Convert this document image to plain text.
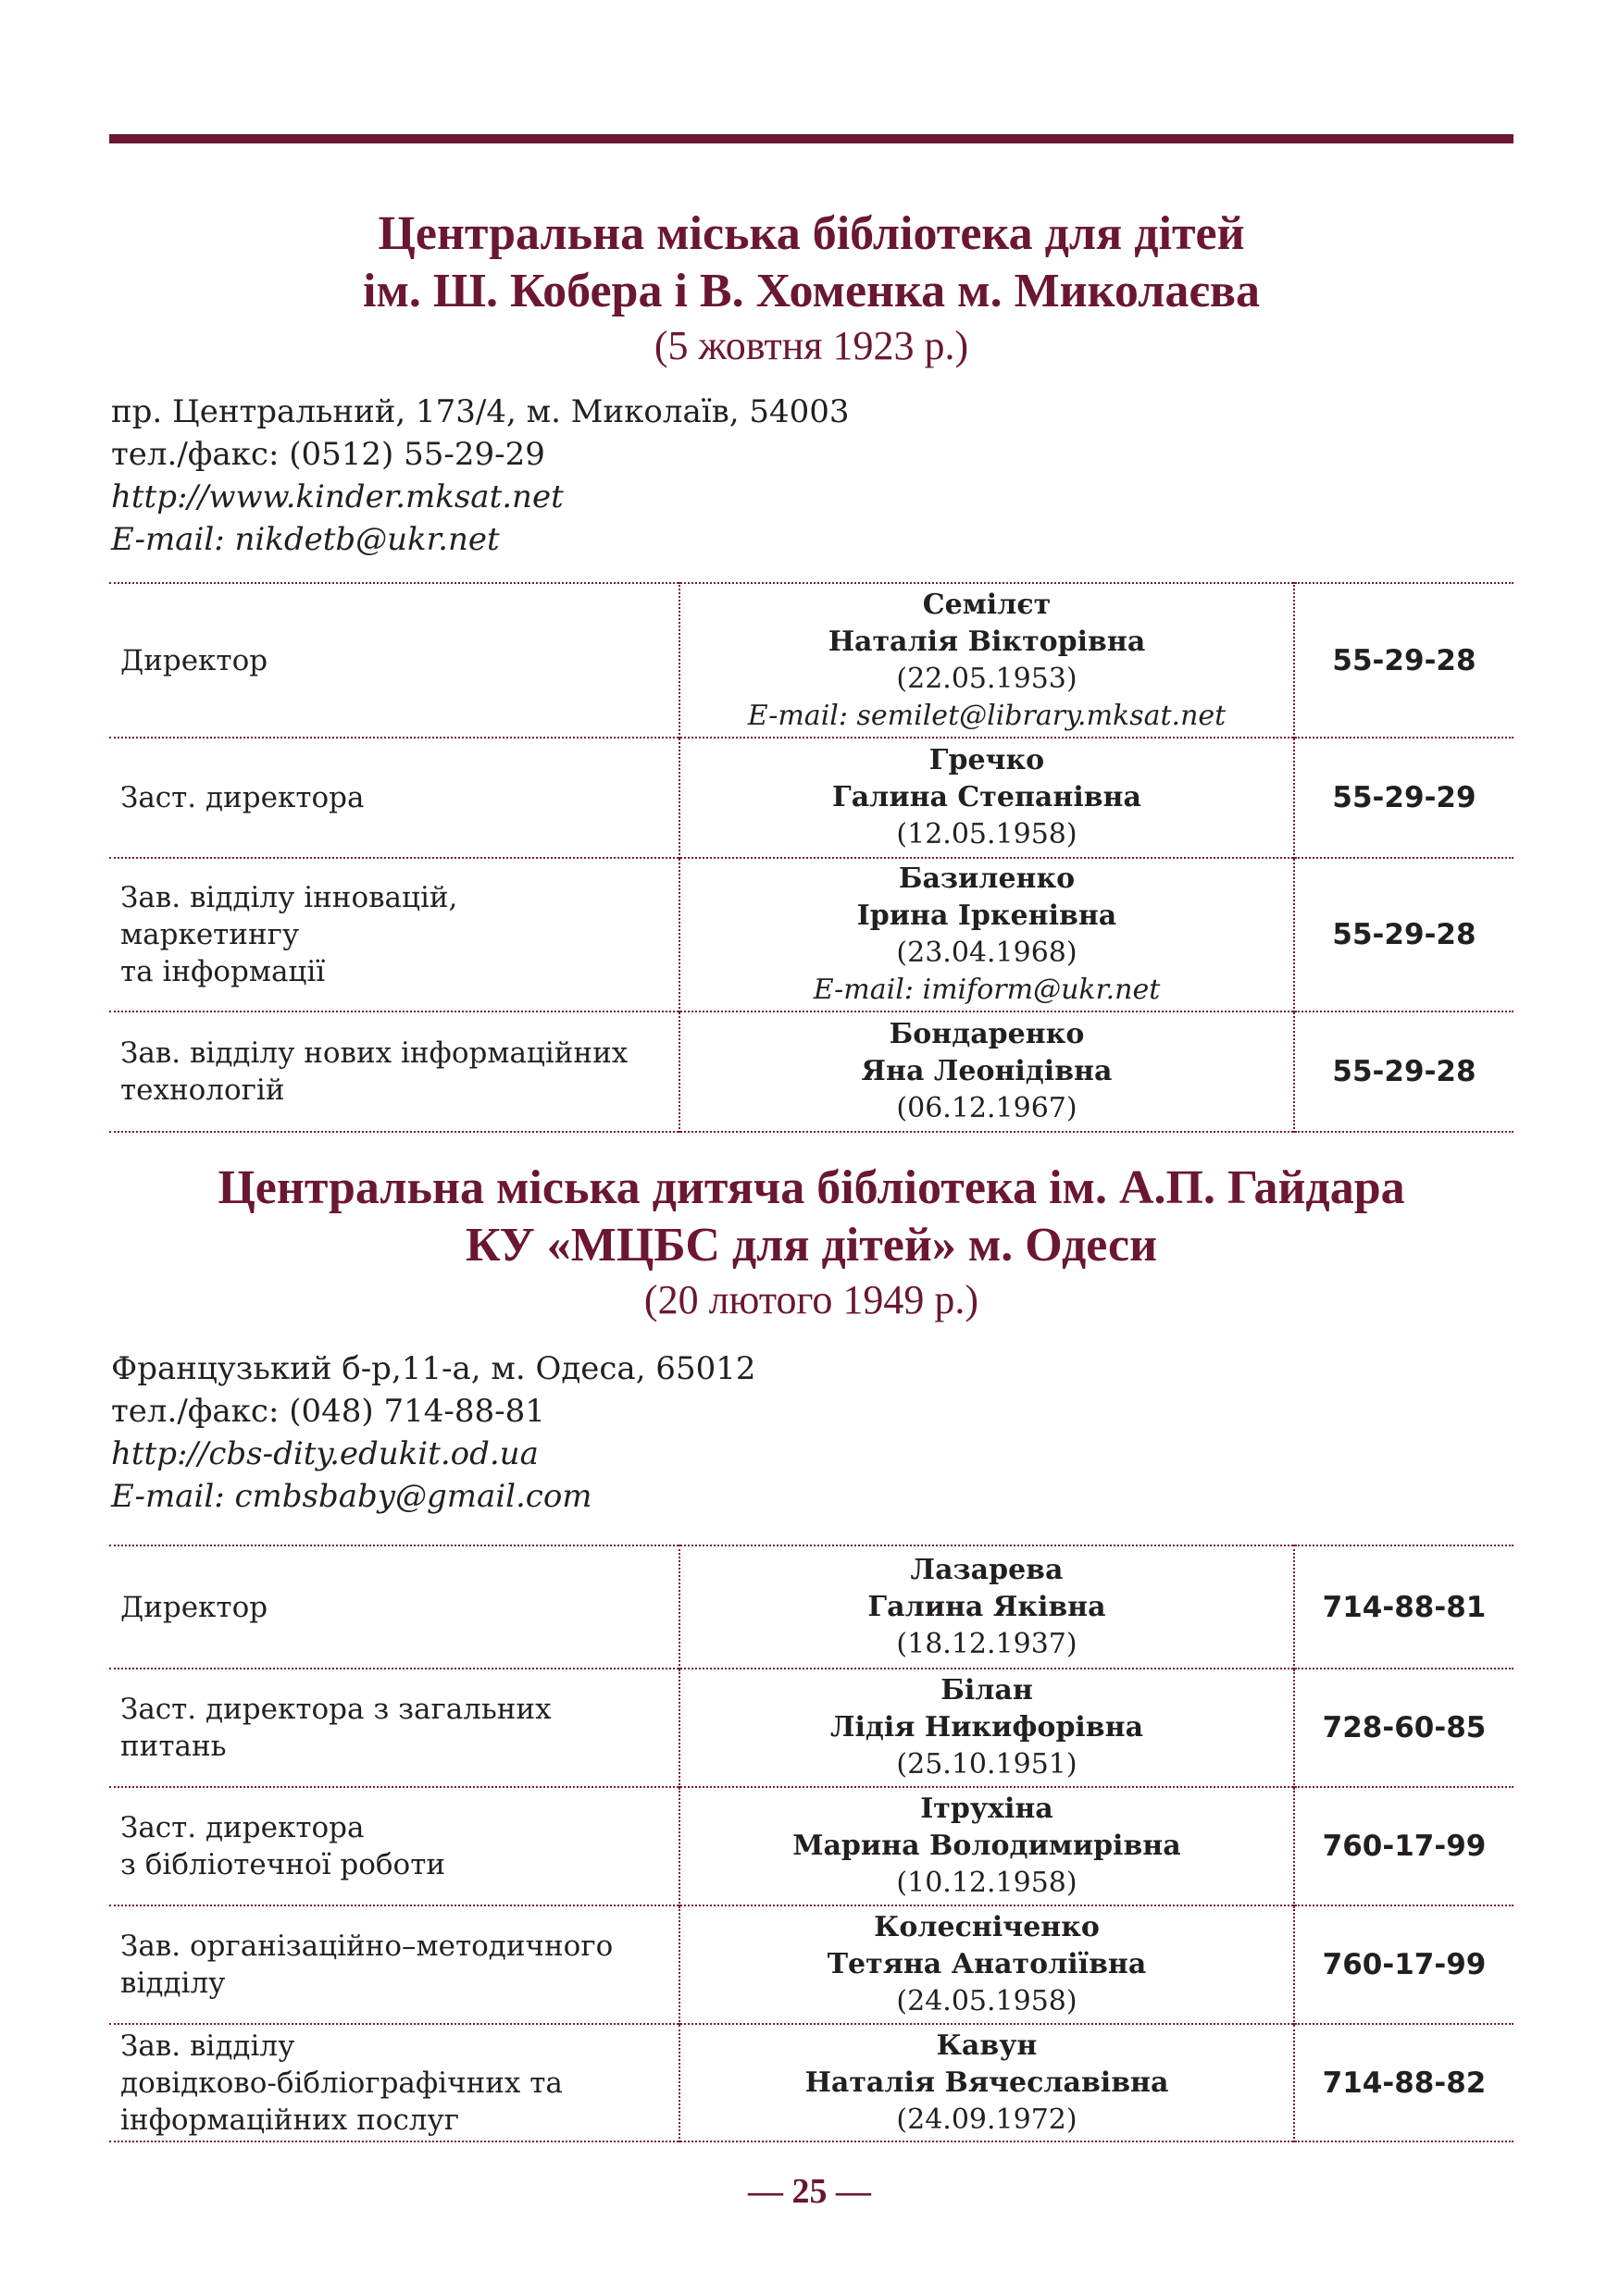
Центральна міська бібліотека для дітей
ім. Ш. Кобера і В. Хоменка м. Миколаєва
(5 жовтня 1923 р.)
пр. Центральний, 173/4, м. Миколаїв, 54003
тел./факс: (0512) 55-29-29
http://www.kinder.mksat.net
E-mail: nikdetb@ukr.net
Директор	Семілєт
Наталія Вікторівна
(22.05.1953)
E-mail: semilet@library.mksat.net	55-29-28
Заст. директора	Гречко
Галина Степанівна
(12.05.1958)	55-29-29
Зав. відділу інновацій,
маркетингу
та інформації	Базиленко
Ірина Іркенівна
(23.04.1968)
E-mail: imiform@ukr.net	55-29-28
Зав. відділу нових інформаційних
технологій	Бондаренко
Яна Леонідівна
(06.12.1967)	55-29-28
Центральна міська дитяча бібліотека ім. А.П. Гайдара
КУ «МЦБС для дітей» м. Одеси
(20 лютого 1949 р.)
Французький б-р,11-а, м. Одеса, 65012
тел./факс: (048) 714-88-81
http://cbs-dity.edukit.od.ua
E-mail: cmbsbaby@gmail.com
Директор	Лазарева
Галина Яківна
(18.12.1937)	714-88-81
Заст. директора з загальних
питань	Білан
Лідія Никифорівна
(25.10.1951)	728-60-85
Заст. директора
з бібліотечної роботи	Ітрухіна
Марина Володимирівна
(10.12.1958)	760-17-99
Зав. організаційно–методичного
відділу	Колесніченко
Тетяна Анатоліївна
(24.05.1958)	760-17-99
Зав. відділу
довідково-бібліографічних та
інформаційних послуг	Кавун
Наталія Вячеславівна
(24.09.1972)	714-88-82
— 25 —
